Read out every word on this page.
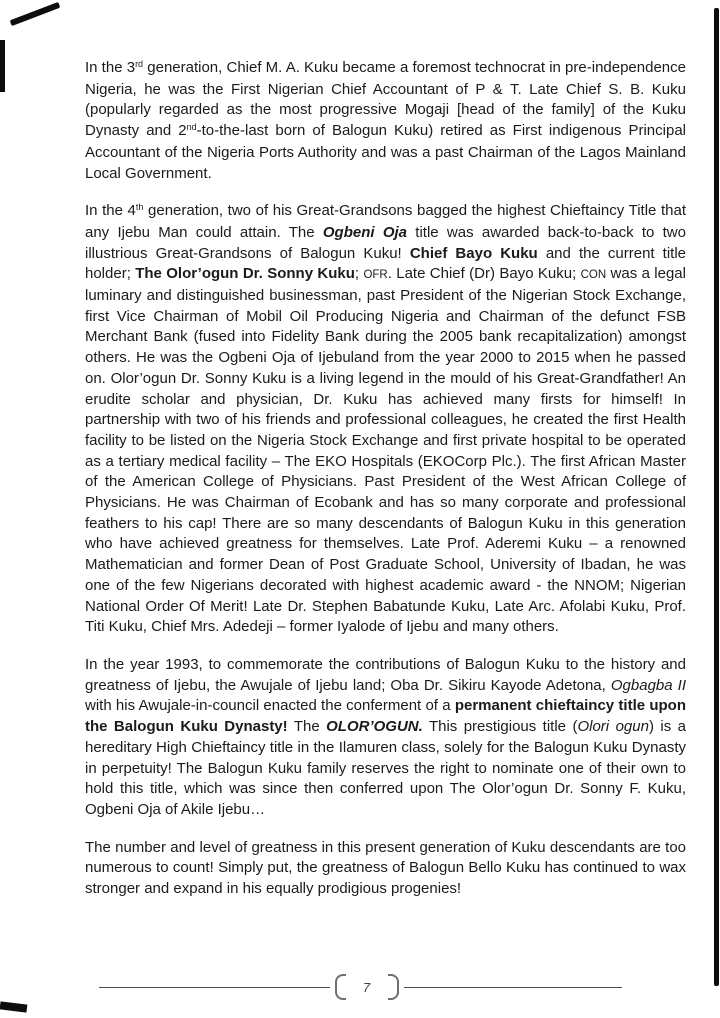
In the 3rd generation, Chief M. A. Kuku became a foremost technocrat in pre-independence Nigeria, he was the First Nigerian Chief Accountant of P & T. Late Chief S. B. Kuku (popularly regarded as the most progressive Mogaji [head of the family] of the Kuku Dynasty and 2nd-to-the-last born of Balogun Kuku) retired as First indigenous Principal Accountant of the Nigeria Ports Authority and was a past Chairman of the Lagos Mainland Local Government.

In the 4th generation, two of his Great-Grandsons bagged the highest Chieftaincy Title that any Ijebu Man could attain. The Ogbeni Oja title was awarded back-to-back to two illustrious Great-Grandsons of Balogun Kuku! Chief Bayo Kuku and the current title holder; The Olor’ogun Dr. Sonny Kuku; OFR. Late Chief (Dr) Bayo Kuku; CON was a legal luminary and distinguished businessman, past President of the Nigerian Stock Exchange, first Vice Chairman of Mobil Oil Producing Nigeria and Chairman of the defunct FSB Merchant Bank (fused into Fidelity Bank during the 2005 bank recapitalization) amongst others. He was the Ogbeni Oja of Ijebuland from the year 2000 to 2015 when he passed on. Olor’ogun Dr. Sonny Kuku is a living legend in the mould of his Great-Grandfather! An erudite scholar and physician, Dr. Kuku has achieved many firsts for himself! In partnership with two of his friends and professional colleagues, he created the first Health facility to be listed on the Nigeria Stock Exchange and first private hospital to be operated as a tertiary medical facility – The EKO Hospitals (EKOCorp Plc.). The first African Master of the American College of Physicians. Past President of the West African College of Physicians. He was Chairman of Ecobank and has so many corporate and professional feathers to his cap! There are so many descendants of Balogun Kuku in this generation who have achieved greatness for themselves. Late Prof. Aderemi Kuku – a renowned Mathematician and former Dean of Post Graduate School, University of Ibadan, he was one of the few Nigerians decorated with highest academic award - the NNOM; Nigerian National Order Of Merit! Late Dr. Stephen Babatunde Kuku, Late Arc. Afolabi Kuku, Prof. Titi Kuku, Chief Mrs. Adedeji – former Iyalode of Ijebu and many others.

In the year 1993, to commemorate the contributions of Balogun Kuku to the history and greatness of Ijebu, the Awujale of Ijebu land; Oba Dr. Sikiru Kayode Adetona, Ogbagba II with his Awujale-in-council enacted the conferment of a permanent chieftaincy title upon the Balogun Kuku Dynasty! The OLOR’OGUN. This prestigious title (Olori ogun) is a hereditary High Chieftaincy title in the Ilamuren class, solely for the Balogun Kuku Dynasty in perpetuity! The Balogun Kuku family reserves the right to nominate one of their own to hold this title, which was since then conferred upon The Olor’ogun Dr. Sonny F. Kuku, Ogbeni Oja of Akile Ijebu…

The number and level of greatness in this present generation of Kuku descendants are too numerous to count! Simply put, the greatness of Balogun Bello Kuku has continued to wax stronger and expand in his equally prodigious progenies!

7
